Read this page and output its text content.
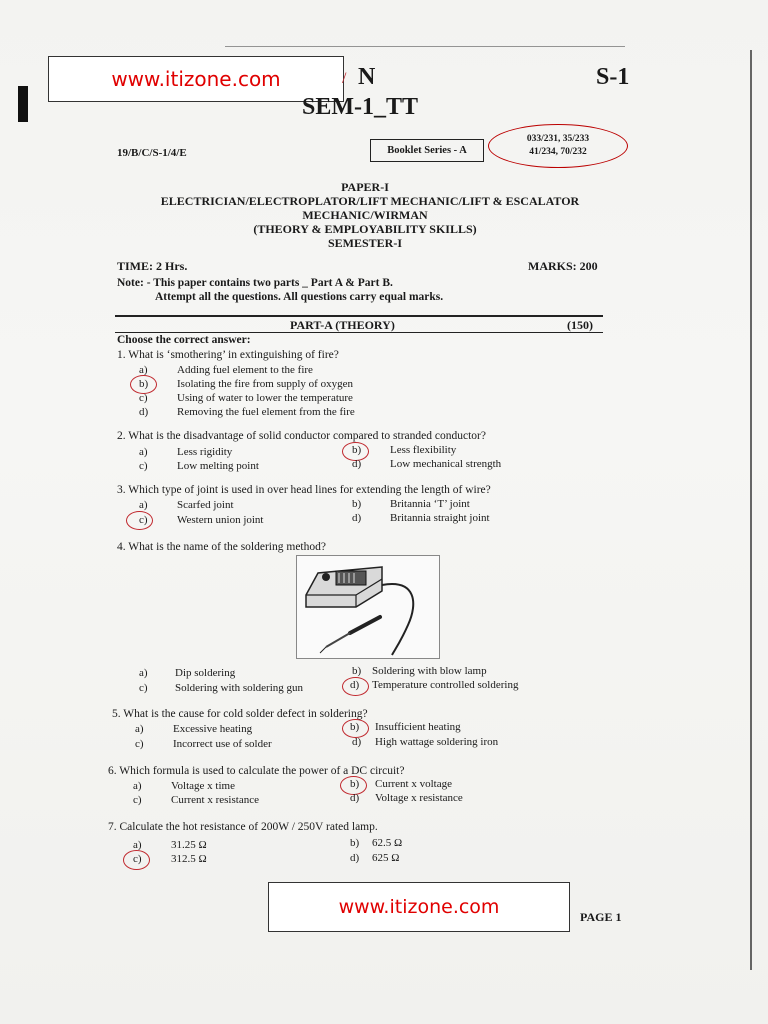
www.itizone.com	N
/	S-1
SEM-1_TT
19/B/C/S-1/4/E	Booklet Series - A
033/231, 35/233
41/234, 70/232
PAPER-I
ELECTRICIAN/ELECTROPLATOR/LIFT MECHANIC/LIFT & ESCALATOR
MECHANIC/WIRMAN
(THEORY & EMPLOYABILITY SKILLS)
SEMESTER-I
TIME: 2 Hrs.	MARKS: 200
Note: - This paper contains two parts _ Part A & Part B.
Attempt all the questions. All questions carry equal marks.
PART-A (THEORY)	(150)
Choose the correct answer:
1. What is ‘smothering’ in extinguishing of fire?
a)	Adding fuel element to the fire
b)	Isolating the fire from supply of oxygen
c)	Using of water to lower the temperature
d)	Removing the fuel element from the fire
2. What is the disadvantage of solid conductor compared to stranded conductor?
a)	Less rigidity	b)	Less flexibility
c)	Low melting point	d)	Low mechanical strength
3. Which type of joint is used in over head lines for extending the length of wire?
a)	Scarfed joint	b)	Britannia ‘T’ joint
c)	Western union joint	d)	Britannia straight joint
4. What is the name of the soldering method?
a) Dip soldering	b) Soldering with blow lamp
c) Soldering with soldering gun	d) Temperature controlled soldering
5. What is the cause for cold solder defect in soldering?
a)	Excessive heating	b) Insufficient heating
c)	Incorrect use of solder	d) High wattage soldering iron
6. Which formula is used to calculate the power of a DC circuit?
a)	Voltage x time	b) Current x voltage
c)	Current x resistance	d) Voltage x resistance
7. Calculate the hot resistance of 200W / 250V rated lamp.
a)	31.25 Ω	b) 62.5 Ω
c)	312.5 Ω	d) 625 Ω
www.itizone.com	PAGE 1
